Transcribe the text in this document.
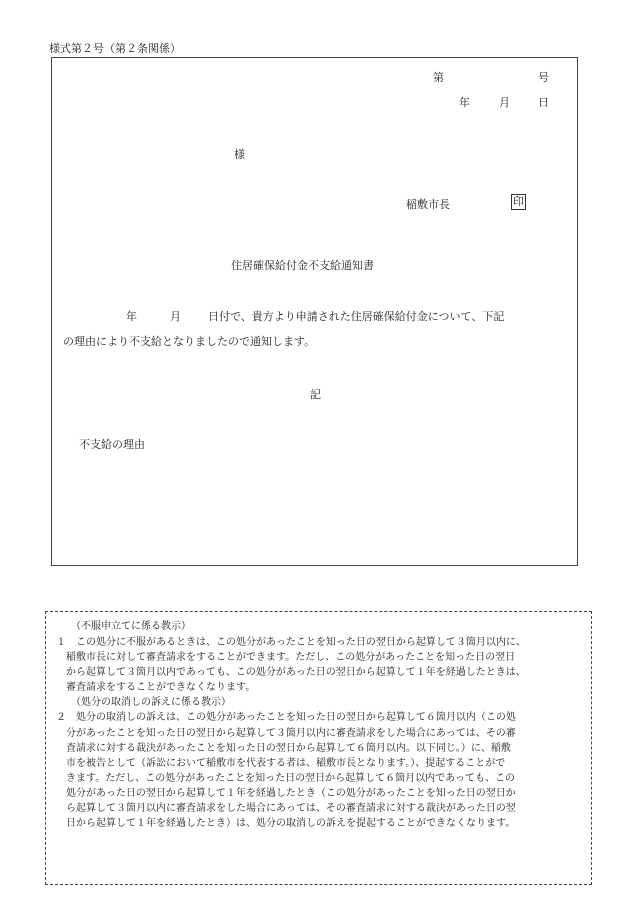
様式第２号（第２条関係）
第	号
年	月	日
様
稲敷市長	印
住居確保給付金不支給通知書
年	月 日付で、貴方より申請された住居確保給付金について、下記
の理由により不支給となりましたので通知します。
記
不支給の理由
（不服申立てに係る教示）
１　この処分に不服があるときは、この処分があったことを知った日の翌日から起算して３箇月以内に、
稲敷市長に対して審査請求をすることができます。ただし、この処分があったことを知った日の翌日
から起算して３箇月以内であっても、この処分があった日の翌日から起算して１年を経過したときは、
審査請求をすることができなくなります。
（処分の取消しの訴えに係る教示）
２　処分の取消しの訴えは、この処分があったことを知った日の翌日から起算して６箇月以内（この処
分があったことを知った日の翌日から起算して３箇月以内に審査請求をした場合にあっては、その審
査請求に対する裁決があったことを知った日の翌日から起算して６箇月以内。以下同じ。）に、稲敷
市を被告として（訴訟において稲敷市を代表する者は、稲敷市長となります。）、提起することがで
きます。ただし、この処分があったことを知った日の翌日から起算して６箇月以内であっても、この
処分があった日の翌日から起算して１年を経過したとき（この処分があったことを知った日の翌日か
ら起算して３箇月以内に審査請求をした場合にあっては、その審査請求に対する裁決があった日の翌
日から起算して１年を経過したとき）は、処分の取消しの訴えを提起することができなくなります。
